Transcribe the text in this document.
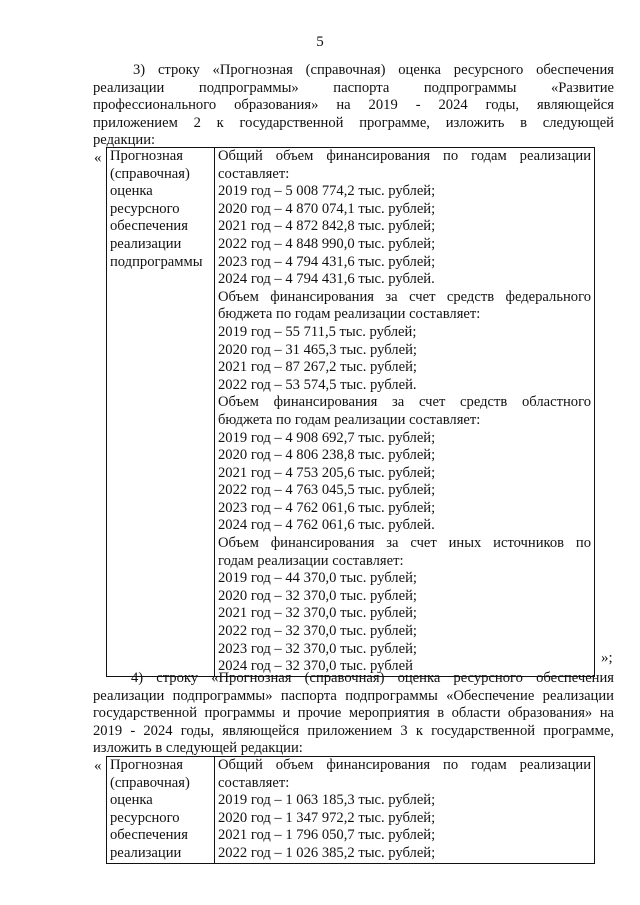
5
3) строку «Прогнозная (справочная) оценка ресурсного обеспечения
реализации подпрограммы» паспорта подпрограммы «Развитие
профессионального образования» на 2019 - 2024 годы, являющейся
приложением 2 к государственной программе, изложить в следующей
редакции:
« Прогнозная
(справочная)
оценка
ресурсного
обеспечения
реализации
подпрограммы

Общий объем финансирования по годам реализации
составляет:
2019 год – 5 008 774,2 тыс. рублей;
2020 год – 4 870 074,1 тыс. рублей;
2021 год – 4 872 842,8 тыс. рублей;
2022 год – 4 848 990,0 тыс. рублей;
2023 год – 4 794 431,6 тыс. рублей;
2024 год – 4 794 431,6 тыс. рублей.
Объем финансирования за счет средств федерального
бюджета по годам реализации составляет:
2019 год – 55 711,5 тыс. рублей;
2020 год – 31 465,3 тыс. рублей;
2021 год – 87 267,2 тыс. рублей;
2022 год – 53 574,5 тыс. рублей.
Объем финансирования за счет средств областного
бюджета по годам реализации составляет:
2019 год – 4 908 692,7 тыс. рублей;
2020 год – 4 806 238,8 тыс. рублей;
2021 год – 4 753 205,6 тыс. рублей;
2022 год – 4 763 045,5 тыс. рублей;
2023 год – 4 762 061,6 тыс. рублей;
2024 год – 4 762 061,6 тыс. рублей.
Объем финансирования за счет иных источников по
годам реализации составляет:
2019 год – 44 370,0 тыс. рублей;
2020 год – 32 370,0 тыс. рублей;
2021 год – 32 370,0 тыс. рублей;
2022 год – 32 370,0 тыс. рублей;
2023 год – 32 370,0 тыс. рублей;
2024 год – 32 370,0 тыс. рублей
»;
4) строку «Прогнозная (справочная) оценка ресурсного обеспечения
реализации подпрограммы» паспорта подпрограммы «Обеспечение реализации
государственной программы и прочие мероприятия в области образования» на
2019 - 2024 годы, являющейся приложением 3 к государственной программе,
изложить в следующей редакции:
« Прогнозная
(справочная)
оценка
ресурсного
обеспечения
реализации

Общий объем финансирования по годам реализации
составляет:
2019 год – 1 063 185,3 тыс. рублей;
2020 год – 1 347 972,2 тыс. рублей;
2021 год – 1 796 050,7 тыс. рублей;
2022 год – 1 026 385,2 тыс. рублей;
